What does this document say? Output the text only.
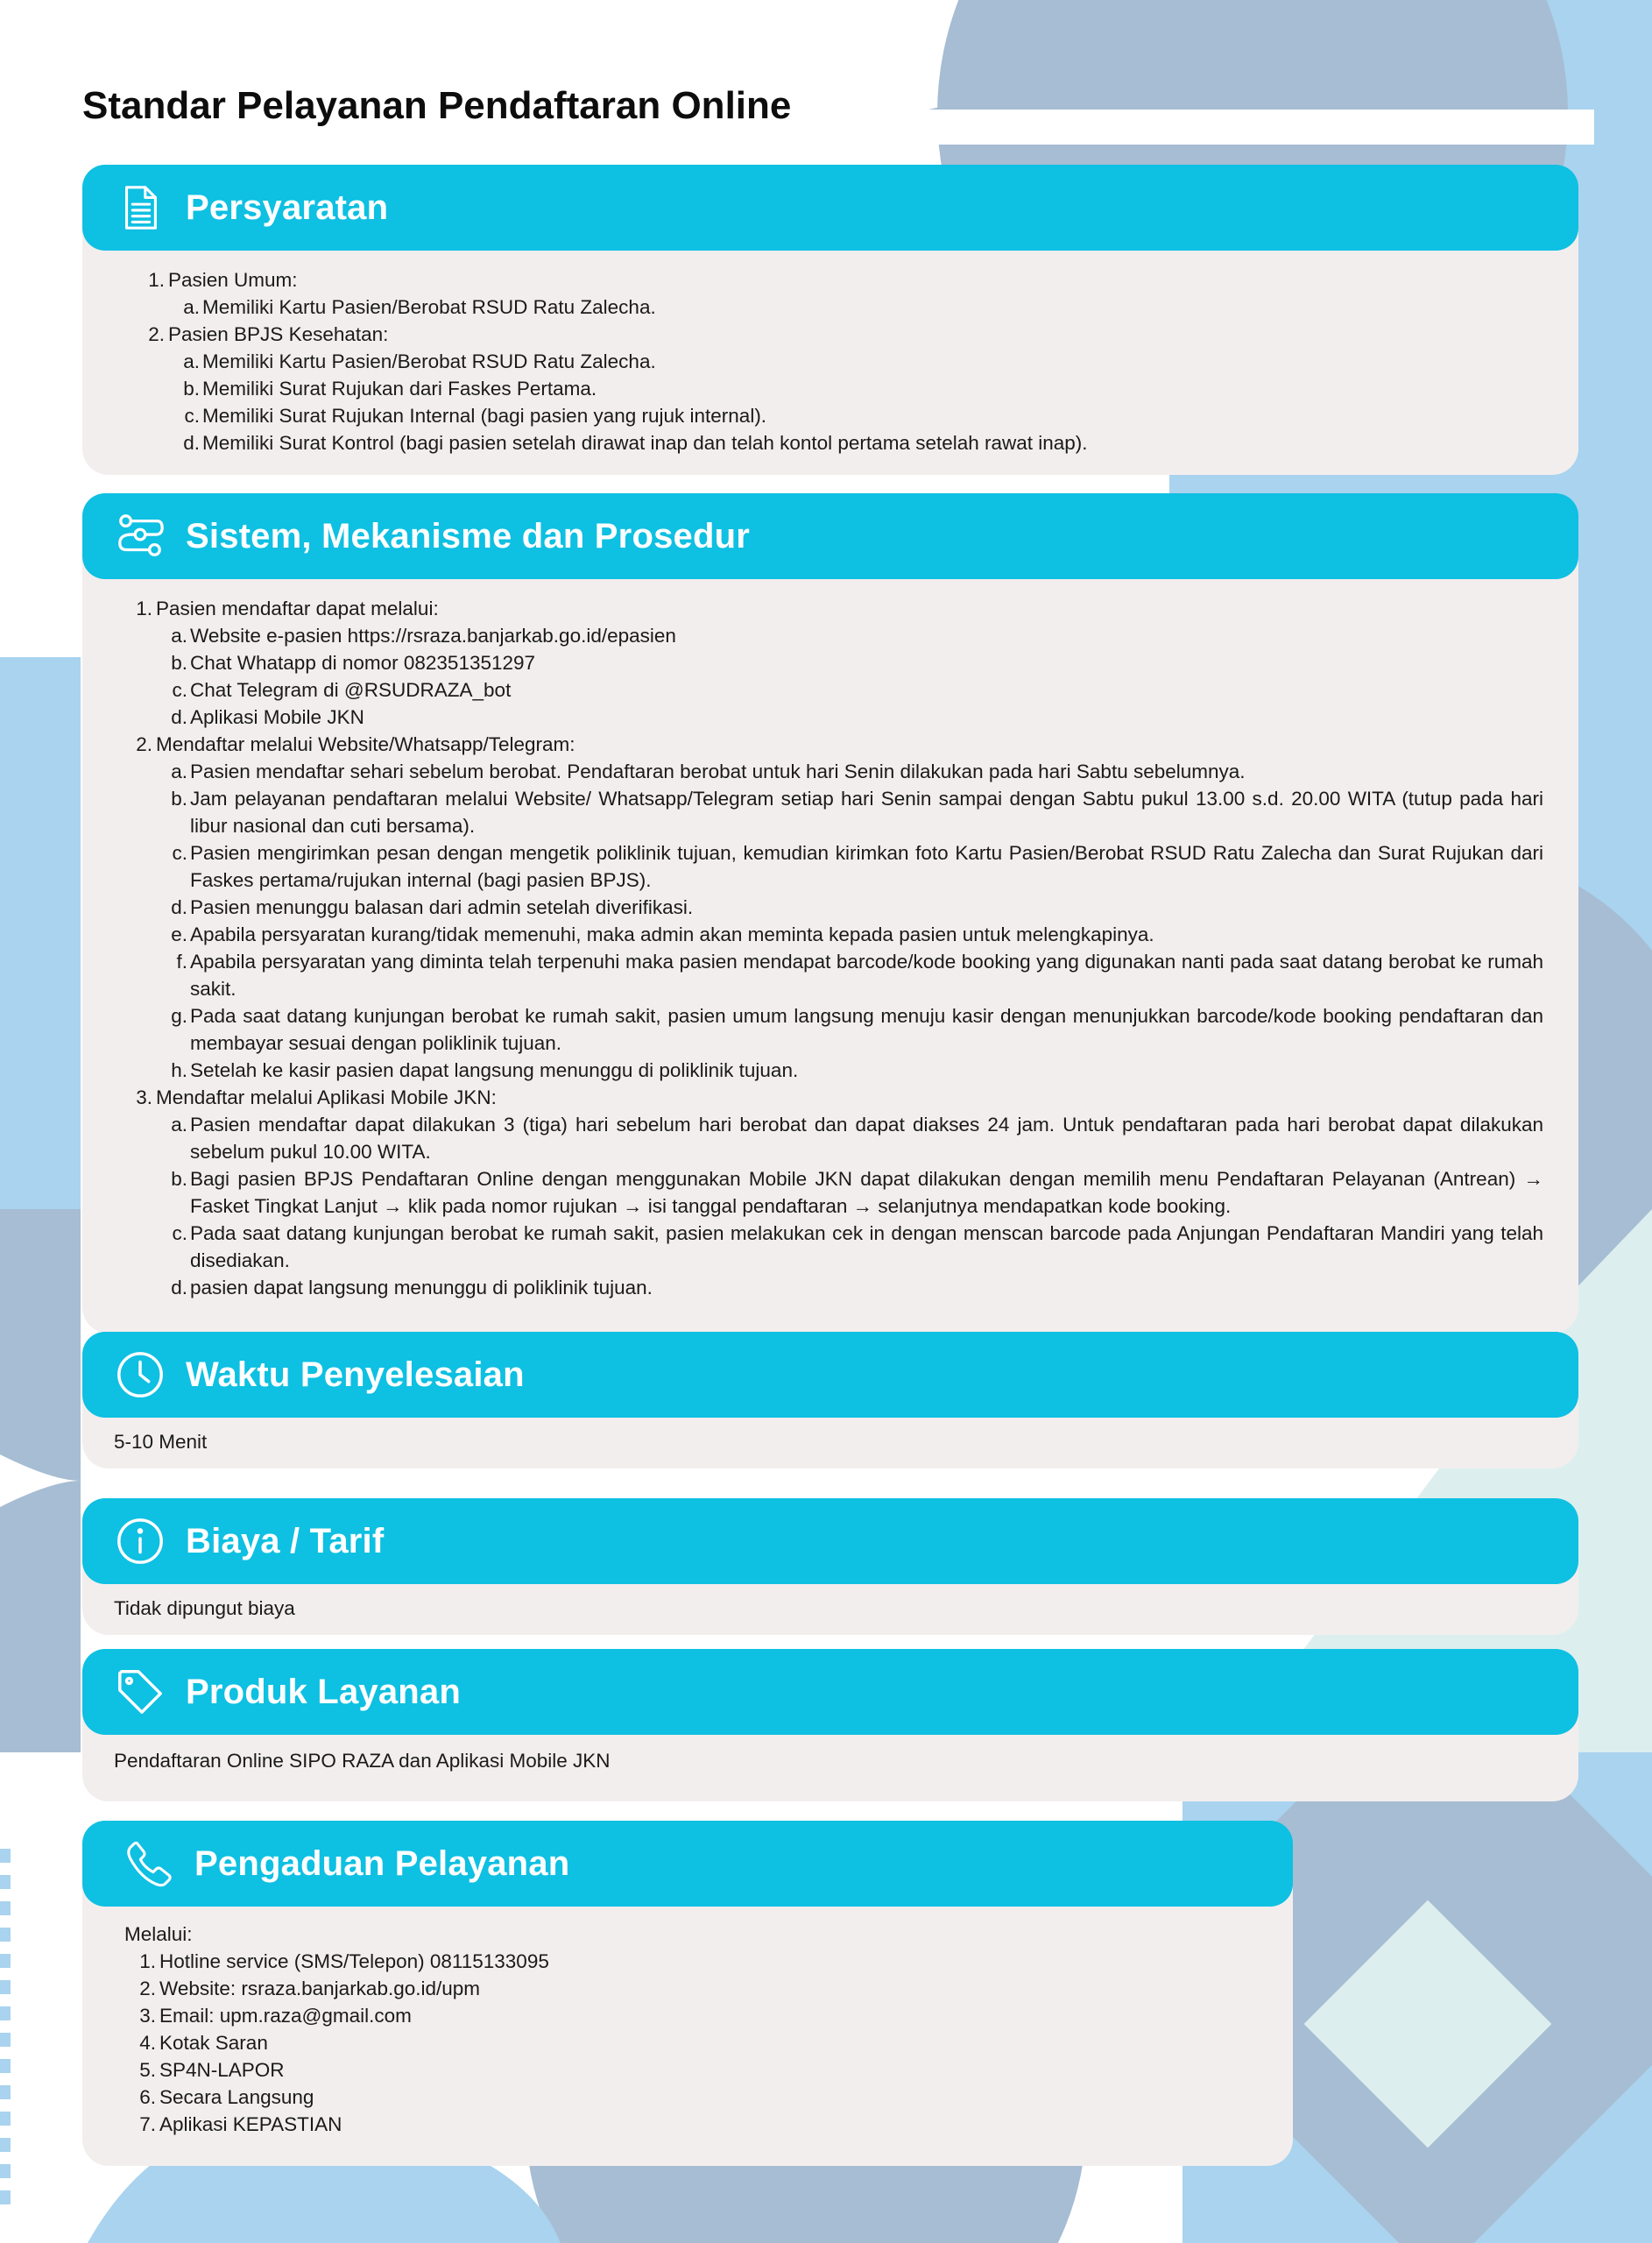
Standar Pelayanan Pendaftaran Online
Persyaratan
1. Pasien Umum:
a. Memiliki Kartu Pasien/Berobat RSUD Ratu Zalecha.
2. Pasien BPJS Kesehatan:
a. Memiliki Kartu Pasien/Berobat RSUD Ratu Zalecha.
b. Memiliki Surat Rujukan dari Faskes Pertama.
c. Memiliki Surat Rujukan Internal (bagi pasien yang rujuk internal).
d. Memiliki Surat Kontrol (bagi pasien setelah dirawat inap dan telah kontol pertama setelah rawat inap).
Sistem, Mekanisme dan Prosedur
1. Pasien mendaftar dapat melalui:
a. Website e-pasien https://rsraza.banjarkab.go.id/epasien
b. Chat Whatapp di nomor 082351351297
c. Chat Telegram di @RSUDRAZA_bot
d. Aplikasi Mobile JKN
2. Mendaftar melalui Website/Whatsapp/Telegram:
a. Pasien mendaftar sehari sebelum berobat. Pendaftaran berobat untuk hari Senin dilakukan pada hari Sabtu sebelumnya.
b. Jam pelayanan pendaftaran melalui Website/ Whatsapp/Telegram setiap hari Senin sampai dengan Sabtu pukul 13.00 s.d. 20.00 WITA (tutup pada hari libur nasional dan cuti bersama).
c. Pasien mengirimkan pesan dengan mengetik poliklinik tujuan, kemudian kirimkan foto Kartu Pasien/Berobat RSUD Ratu Zalecha dan Surat Rujukan dari Faskes pertama/rujukan internal (bagi pasien BPJS).
d. Pasien menunggu balasan dari admin setelah diverifikasi.
e. Apabila persyaratan kurang/tidak memenuhi, maka admin akan meminta kepada pasien untuk melengkapinya.
f. Apabila persyaratan yang diminta telah terpenuhi maka pasien mendapat barcode/kode booking yang digunakan nanti pada saat datang berobat ke rumah sakit.
g. Pada saat datang kunjungan berobat ke rumah sakit, pasien umum langsung menuju kasir dengan menunjukkan barcode/kode booking pendaftaran dan membayar sesuai dengan poliklinik tujuan.
h. Setelah ke kasir pasien dapat langsung menunggu di poliklinik tujuan.
3. Mendaftar melalui Aplikasi Mobile JKN:
a. Pasien mendaftar dapat dilakukan 3 (tiga) hari sebelum hari berobat dan dapat diakses 24 jam. Untuk pendaftaran pada hari berobat dapat dilakukan sebelum pukul 10.00 WITA.
b. Bagi pasien BPJS Pendaftaran Online dengan menggunakan Mobile JKN dapat dilakukan dengan memilih menu Pendaftaran Pelayanan (Antrean) → Fasket Tingkat Lanjut → klik pada nomor rujukan → isi tanggal pendaftaran → selanjutnya mendapatkan kode booking.
c. Pada saat datang kunjungan berobat ke rumah sakit, pasien melakukan cek in dengan menscan barcode pada Anjungan Pendaftaran Mandiri yang telah disediakan.
d. pasien dapat langsung menunggu di poliklinik tujuan.
Waktu Penyelesaian
5-10 Menit
Biaya / Tarif
Tidak dipungut biaya
Produk Layanan
Pendaftaran Online SIPO RAZA dan Aplikasi Mobile JKN
Pengaduan Pelayanan
Melalui:
1. Hotline service (SMS/Telepon) 08115133095
2. Website: rsraza.banjarkab.go.id/upm
3. Email: upm.raza@gmail.com
4. Kotak Saran
5. SP4N-LAPOR
6. Secara Langsung
7. Aplikasi KEPASTIAN
